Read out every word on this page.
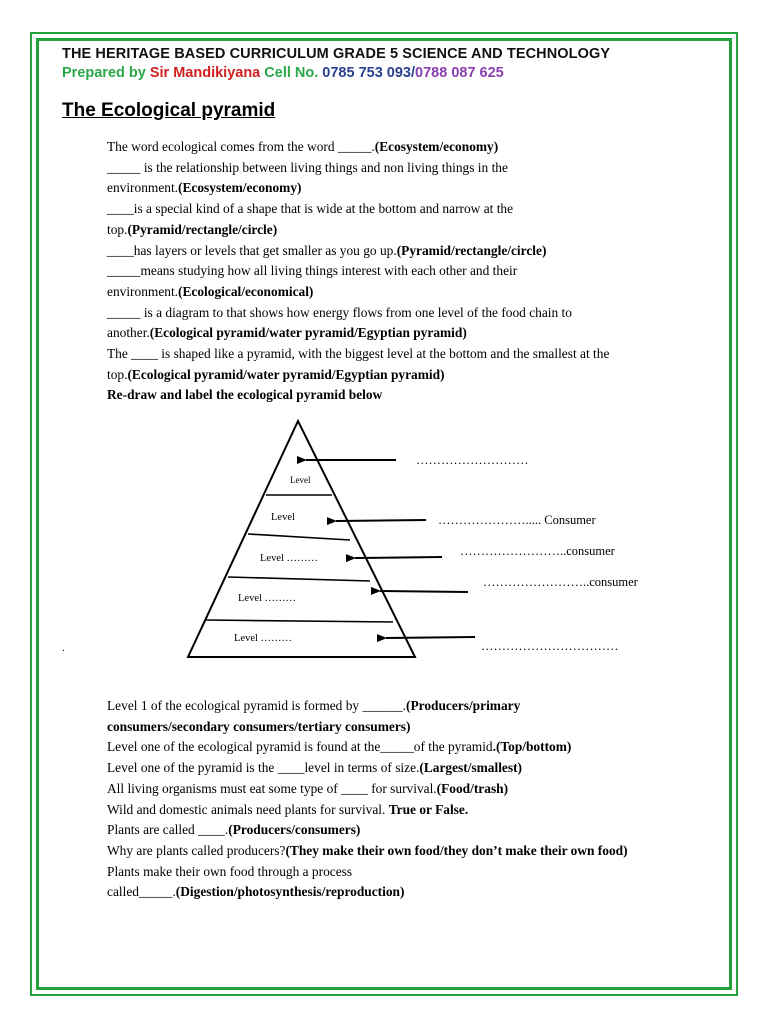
THE HERITAGE BASED CURRICULUM GRADE 5 SCIENCE AND TECHNOLOGY
Prepared by Sir Mandikiyana Cell No. 0785 753 093/0788 087 625
The Ecological pyramid

The word ecological comes from the word _____.(Ecosystem/economy)

_____ is the relationship between living things and non living things in the

environment.(Ecosystem/economy)

____is a special kind of a shape that is wide at the bottom and narrow at the

top.(Pyramid/rectangle/circle)

____has layers or levels that get smaller as you go up.(Pyramid/rectangle/circle)

_____means studying how all living things interest with each other and their

environment.(Ecological/economical)

_____ is a diagram to that shows how energy flows from one level of the food chain to

another.(Ecological pyramid/water pyramid/Egyptian pyramid)

The ____ is shaped like a pyramid, with the biggest level at the bottom and the smallest at the

top.(Ecological pyramid/water pyramid/Egyptian pyramid)

Re-draw and label the ecological pyramid below

Level
Level
Level ………
Level ………
Level ………
………………………
…………………..... Consumer
……………………..consumer
……………………..consumer
……………………………
.

Level 1 of the ecological pyramid is formed by ______.(Producers/primary

consumers/secondary consumers/tertiary consumers)

Level one of the ecological pyramid is found at the_____of the pyramid.(Top/bottom)

Level one of the pyramid is the ____level in terms of size.(Largest/smallest)

All living organisms must eat some type of ____ for survival.(Food/trash)

Wild and domestic animals need plants for survival. True or False.

Plants are called ____.(Producers/consumers)

Why are plants called producers?(They make their own food/they don’t make their own food)

Plants make their own food through a process

called_____.(Digestion/photosynthesis/reproduction)
